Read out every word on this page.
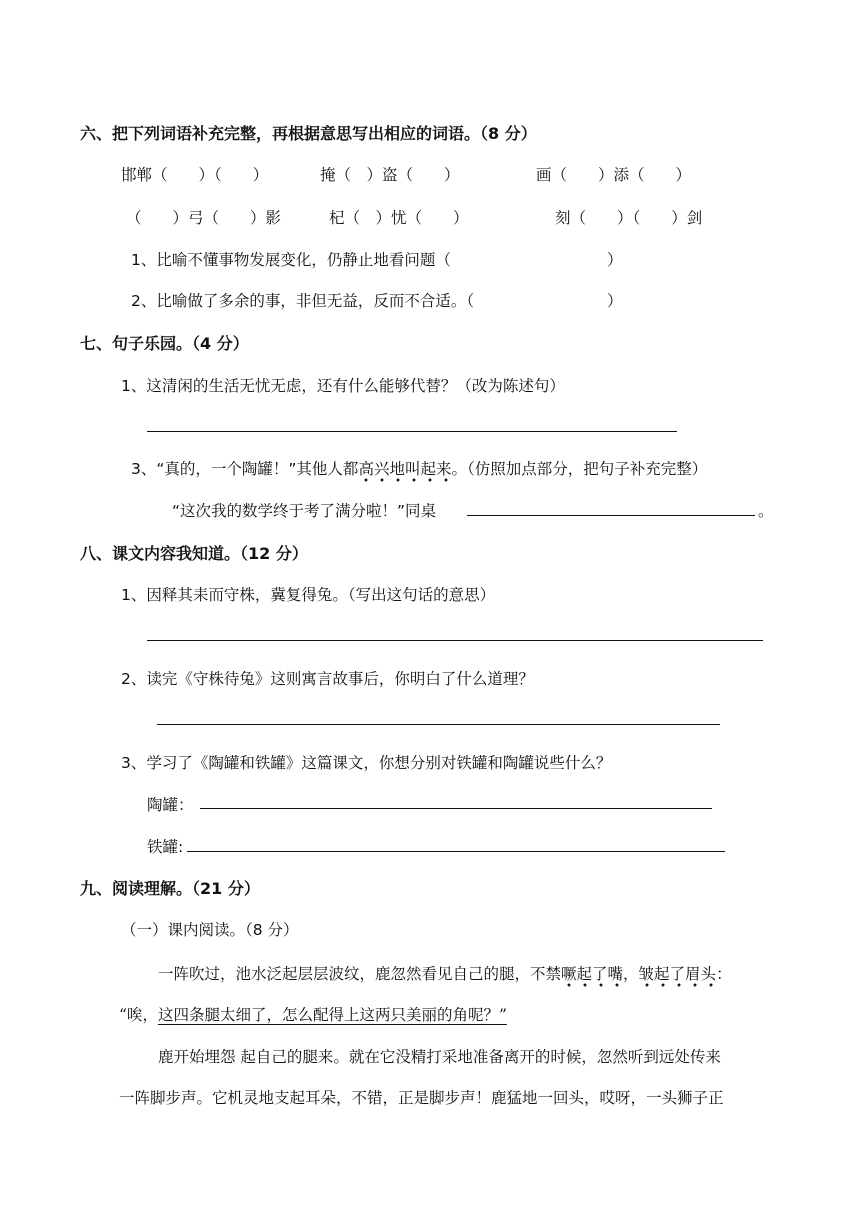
六、把下列词语补充完整，再根据意思写出相应的词语。（8 分）
邯郸（　　）（　　）	掩（　）盗（　　）	画（　　）添（　　）
（　　）弓（　　）影	杞（　）忧（　　）	刻（　　）（　　）剑
1、比喻不懂事物发展变化，仍静止地看问题（	）
2、比喻做了多余的事，非但无益，反而不合适。（	）
七、句子乐园。（4 分）
1、这清闲的生活无忧无虑，还有什么能够代替？（改为陈述句）
3、“真的，一个陶罐！”其他人都高兴地叫起来。（仿照加点部分，把句子补充完整）
“这次我的数学终于考了满分啦！”同桌	。
八、课文内容我知道。（12 分）
1、因释其耒而守株，冀复得兔。（写出这句话的意思）
2、读完《守株待兔》这则寓言故事后，你明白了什么道理？
3、学习了《陶罐和铁罐》这篇课文，你想分别对铁罐和陶罐说些什么？
陶罐：
铁罐:
九、阅读理解。（21 分）
（一）课内阅读。（8 分）
一阵吹过，池水泛起层层波纹，鹿忽然看见自己的腿，不禁噘起了嘴，皱起了眉头：
“唉，这四条腿太细了，怎么配得上这两只美丽的角呢？”
鹿开始埋怨 起自己的腿来。就在它没精打采地准备离开的时候，忽然听到远处传来
一阵脚步声。它机灵地支起耳朵，不错，正是脚步声！鹿猛地一回头，哎呀，一头狮子正
